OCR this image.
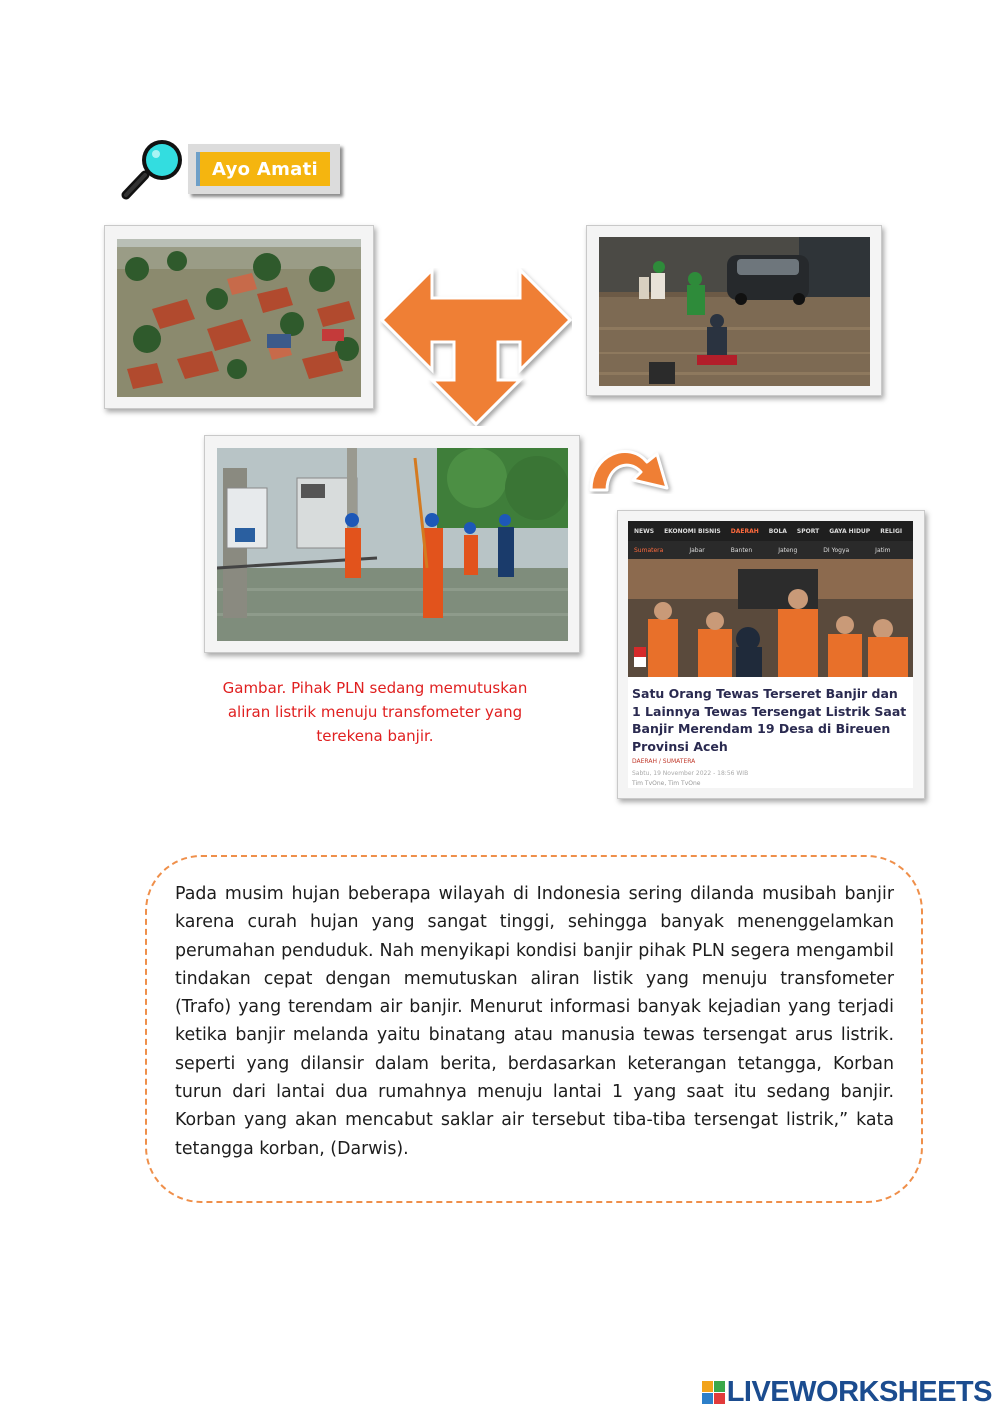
Ayo Amati
NEWS EKONOMI BISNIS DAERAH BOLA SPORT GAYA HIDUP RELIGI
Sumatera	Jabar	Banten	Jateng	DI Yogya	Jatim
Satu Orang Tewas Terseret Banjir dan 1 Lainnya Tewas Tersengat Listrik Saat Banjir Merendam 19 Desa di Bireuen Provinsi Aceh
DAERAH / SUMATERA
Sabtu, 19 November 2022 - 18:56 WIB
Tim TvOne, Tim TvOne
Gambar. Pihak PLN sedang memutuskan aliran listrik menuju transfometer yang terekena banjir.
Pada musim hujan beberapa wilayah di Indonesia sering dilanda musibah banjir karena curah hujan yang sangat tinggi, sehingga banyak menenggelamkan perumahan penduduk. Nah menyikapi kondisi banjir pihak PLN segera mengambil tindakan cepat dengan memutuskan aliran listik yang menuju transfometer (Trafo) yang terendam air banjir. Menurut informasi banyak kejadian yang terjadi ketika banjir melanda yaitu binatang atau manusia tewas tersengat arus listrik. seperti yang dilansir dalam berita, berdasarkan keterangan tetangga, Korban turun dari lantai dua rumahnya menuju lantai 1 yang saat itu sedang banjir. Korban yang akan mencabut saklar air tersebut tiba-tiba tersengat listrik,” kata tetangga korban, (Darwis).
LIVEWORKSHEETS
